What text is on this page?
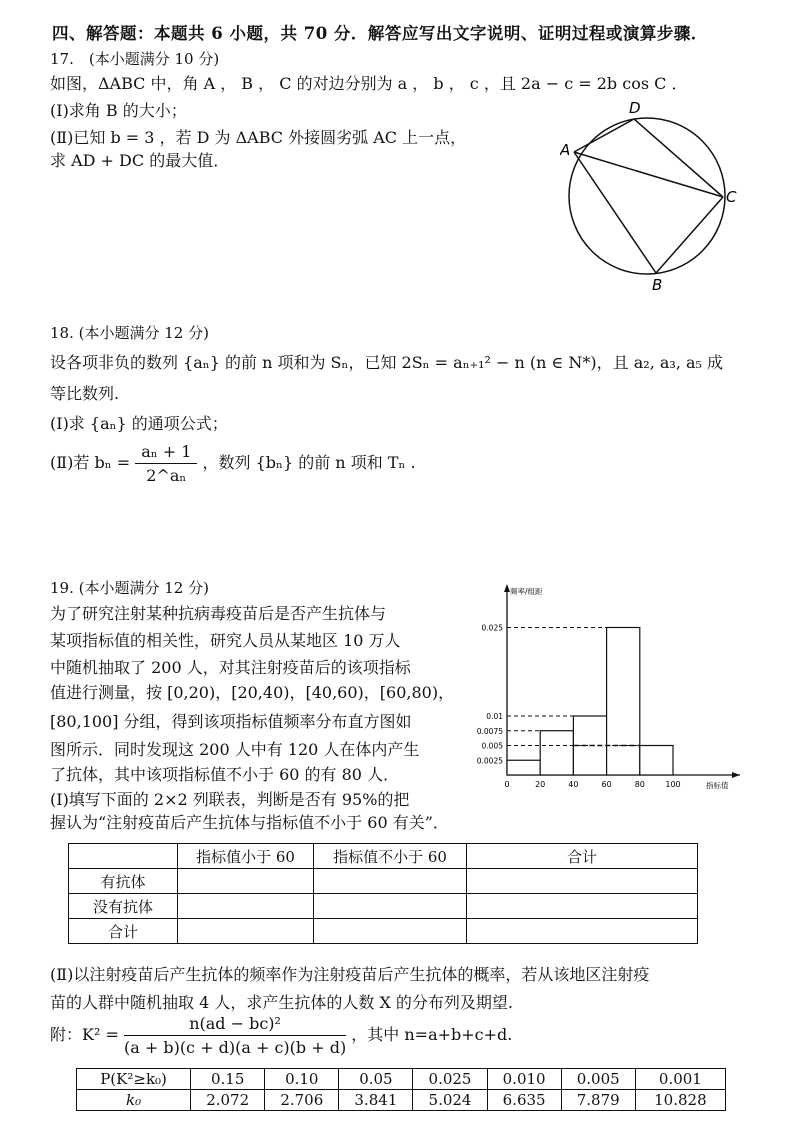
四、解答题：本题共 6 小题，共 70 分．解答应写出文字说明、证明过程或演算步骤．
17.　(本小题满分 10 分)
如图，ΔABC 中，角 A ， B ， C 的对边分别为 a ， b ， c ，且 2a − c = 2b cos C ．
(Ⅰ)求角 B 的大小；
(Ⅱ)已知 b = 3 ，若 D 为 ΔABC 外接圆劣弧 AC 上一点，
求 AD + DC 的最大值．
A
D
C
B
18. (本小题满分 12 分)
设各项非负的数列 {aₙ} 的前 n 项和为 Sₙ，已知 2Sₙ = aₙ₊₁² − n (n ∈ N*)，且 a₂, a₃, a₅ 成
等比数列.
(Ⅰ)求 {aₙ} 的通项公式；
(Ⅱ)若 $b_n = \frac{\text{aₙ + 1}}{\text{2\textasciicircum{}aₙ}}$ ，数列 {bₙ} 的前 n 项和 Tₙ .
19. (本小题满分 12 分)
为了研究注射某种抗病毒疫苗后是否产生抗体与
某项指标值的相关性，研究人员从某地区 10 万人
中随机抽取了 200 人，对其注射疫苗后的该项指标
值进行测量，按 [0,20)，[20,40)，[40,60)，[60,80)，
[80,100] 分组，得到该项指标值频率分布直方图如
图所示．同时发现这 200 人中有 120 人在体内产生
了抗体，其中该项指标值不小于 60 的有 80 人．
(Ⅰ)填写下面的 2×2 列联表，判断是否有 95%的把
握认为“注射疫苗后产生抗体与指标值不小于 60 有关”．
0.025
0.01
0.0075
0.005
0.0025
0	20	40	60	80	100
频率/组距
指标值
	指标值小于 60	指标值不小于 60	合计
有抗体			
没有抗体			
合计			
(Ⅱ)以注射疫苗后产生抗体的频率作为注射疫苗后产生抗体的概率，若从该地区注射疫
苗的人群中随机抽取 4 人，求产生抗体的人数 X 的分布列及期望.
附：$K^2 = \frac{\text{n(ad − bc)²}}{(a + b)(c + d)(a + c)(b + d)}$ ，其中 n=a+b+c+d.
P(K²≥k₀)	0.15	0.10	0.05	0.025	0.010	0.005	0.001
k₀	2.072	2.706	3.841	5.024	6.635	7.879	10.828
